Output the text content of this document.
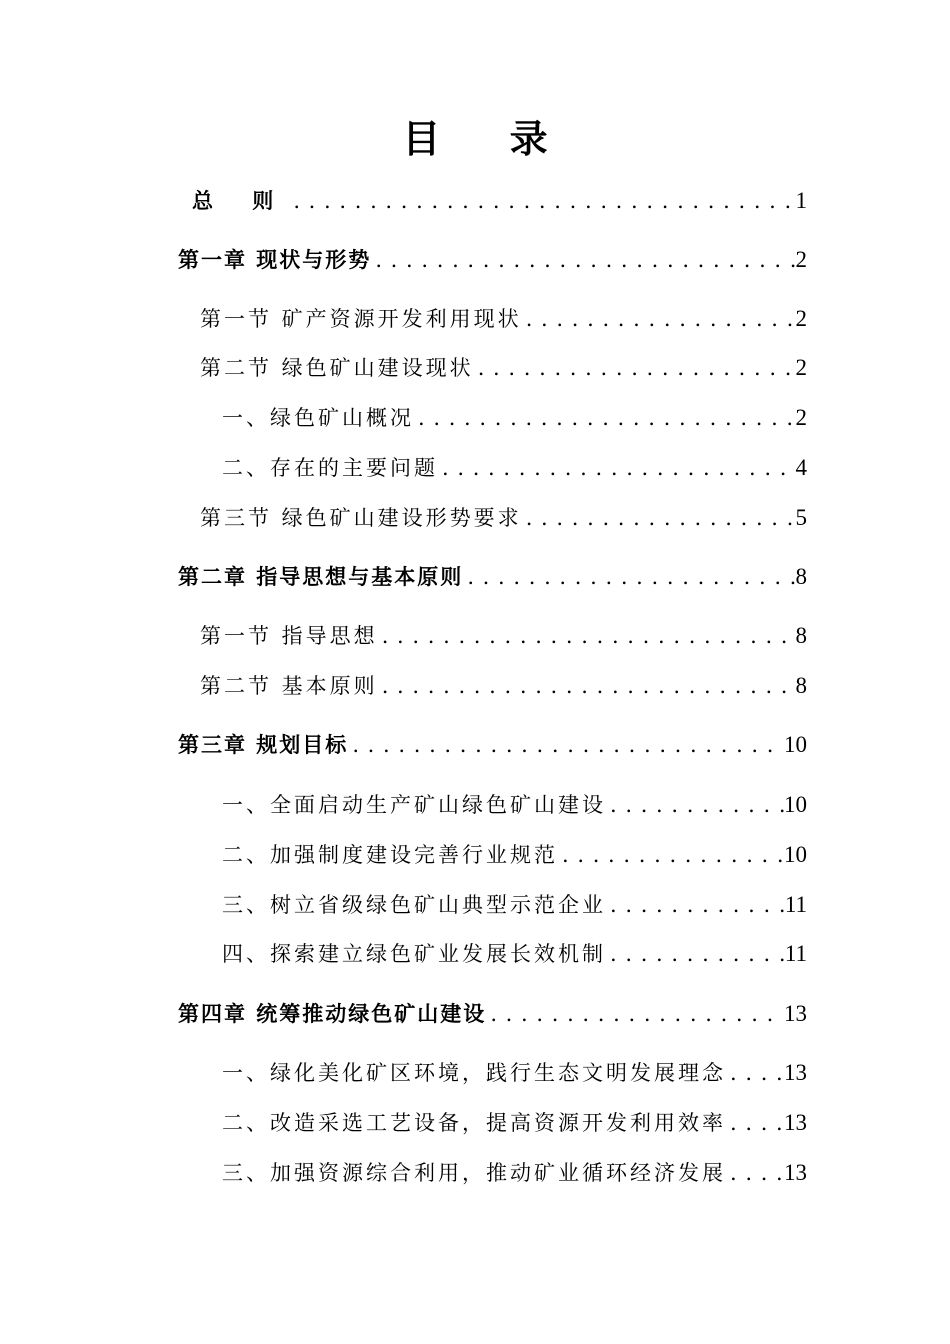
目 录
总 则 . . .	1
第一章 现状与形势 . . .	2
第一节 矿产资源开发利用现状 . . .	2
第二节 绿色矿山建设现状 . . .	2
一、绿色矿山概况 . . .	2
二、存在的主要问题 . . .	4
第三节 绿色矿山建设形势要求 . . .	5
第二章 指导思想与基本原则 . . .	8
第一节 指导思想 . . .	8
第二节 基本原则 . . .	8
第三章 规划目标 . . .	10
一、全面启动生产矿山绿色矿山建设 . . .	10
二、加强制度建设完善行业规范 . . .	10
三、树立省级绿色矿山典型示范企业 . . .	11
四、探索建立绿色矿业发展长效机制 . . .	11
第四章 统筹推动绿色矿山建设 . . .	13
一、绿化美化矿区环境，践行生态文明发展理念 . . .	13
二、改造采选工艺设备，提高资源开发利用效率 . . .	13
三、加强资源综合利用，推动矿业循环经济发展 . . .	13
